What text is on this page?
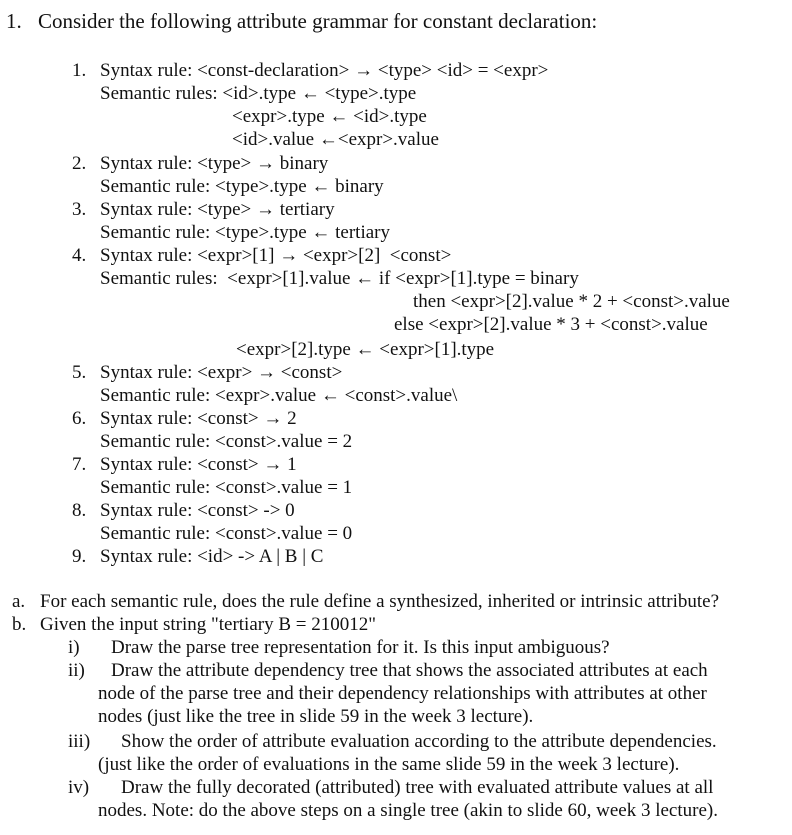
1. Consider the following attribute grammar for constant declaration:
1. Syntax rule: <const-declaration> → <type> <id> = <expr>
Semantic rules: <id>.type ← <type>.type
<expr>.type ← <id>.type
<id>.value ←<expr>.value
2. Syntax rule: <type> → binary
Semantic rule: <type>.type ← binary
3. Syntax rule: <type> → tertiary
Semantic rule: <type>.type ← tertiary
4. Syntax rule: <expr>[1] → <expr>[2]  <const>
Semantic rules:  <expr>[1].value ← if <expr>[1].type = binary
then <expr>[2].value * 2 + <const>.value
else <expr>[2].value * 3 + <const>.value
<expr>[2].type ← <expr>[1].type
5. Syntax rule: <expr> → <const>
Semantic rule: <expr>.value ← <const>.value\
6. Syntax rule: <const> → 2
Semantic rule: <const>.value = 2
7. Syntax rule: <const> → 1
Semantic rule: <const>.value = 1
8. Syntax rule: <const> -> 0
Semantic rule: <const>.value = 0
9. Syntax rule: <id> -> A | B | C
a. For each semantic rule, does the rule define a synthesized, inherited or intrinsic attribute?
b. Given the input string "tertiary B = 210012"
i) Draw the parse tree representation for it. Is this input ambiguous?
ii) Draw the attribute dependency tree that shows the associated attributes at each
node of the parse tree and their dependency relationships with attributes at other
nodes (just like the tree in slide 59 in the week 3 lecture).
iii) Show the order of attribute evaluation according to the attribute dependencies.
(just like the order of evaluations in the same slide 59 in the week 3 lecture).
iv) Draw the fully decorated (attributed) tree with evaluated attribute values at all
nodes. Note: do the above steps on a single tree (akin to slide 60, week 3 lecture).
